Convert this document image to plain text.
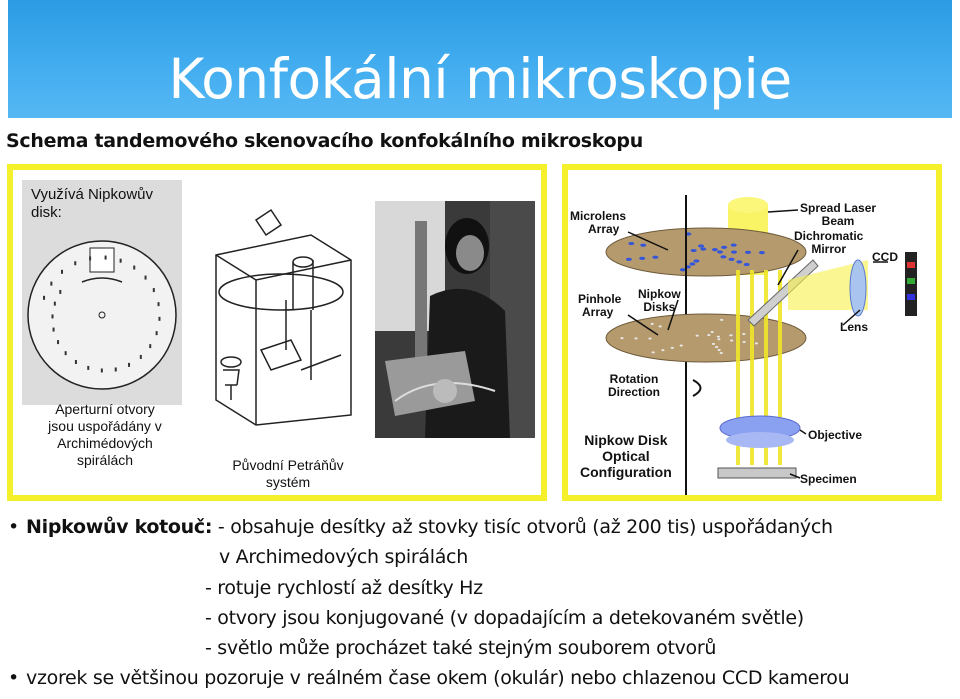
Konfokální mikroskopie
Schema tandemového skenovacího konfokálního mikroskopu
Využívá Nipkowův disk:
Aperturní otvory
jsou uspořádány v
Archimédových
spirálách	Původní Petráňův
systém
Microlens
Array
Spread Laser
Beam
Dichromatic
Mirror
CCD
Pinhole
Array
Nipkow
Disks
Lens
Rotation
Direction
Nipkow Disk
Optical
Configuration
Objective
Specimen
• Nipkowův kotouč: - obsahuje desítky až stovky tisíc otvorů (až 200 tis) uspořádaných
v Archimedových spirálách
- rotuje rychlostí až desítky Hz
- otvory jsou konjugované (v dopadajícím a detekovaném světle)
- světlo může procházet také stejným souborem otvorů
• vzorek se většinou pozoruje v reálném čase okem (okulár) nebo chlazenou CCD kamerou
